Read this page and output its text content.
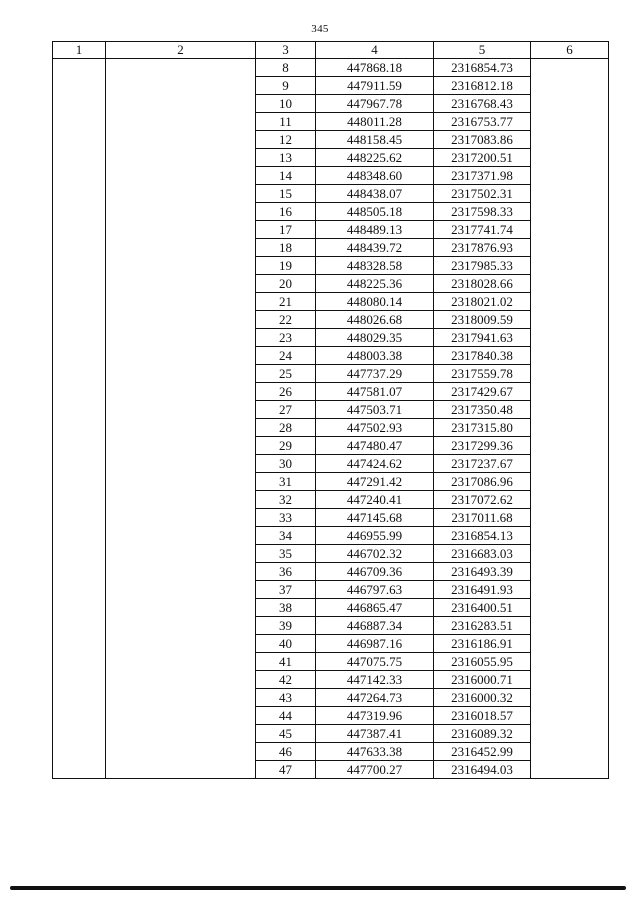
345
1	2	3	4	5	6
		8	447868.18	2316854.73	
		9	447911.59	2316812.18	
		10	447967.78	2316768.43	
		11	448011.28	2316753.77	
		12	448158.45	2317083.86	
		13	448225.62	2317200.51	
		14	448348.60	2317371.98	
		15	448438.07	2317502.31	
		16	448505.18	2317598.33	
		17	448489.13	2317741.74	
		18	448439.72	2317876.93	
		19	448328.58	2317985.33	
		20	448225.36	2318028.66	
		21	448080.14	2318021.02	
		22	448026.68	2318009.59	
		23	448029.35	2317941.63	
		24	448003.38	2317840.38	
		25	447737.29	2317559.78	
		26	447581.07	2317429.67	
		27	447503.71	2317350.48	
		28	447502.93	2317315.80	
		29	447480.47	2317299.36	
		30	447424.62	2317237.67	
		31	447291.42	2317086.96	
		32	447240.41	2317072.62	
		33	447145.68	2317011.68	
		34	446955.99	2316854.13	
		35	446702.32	2316683.03	
		36	446709.36	2316493.39	
		37	446797.63	2316491.93	
		38	446865.47	2316400.51	
		39	446887.34	2316283.51	
		40	446987.16	2316186.91	
		41	447075.75	2316055.95	
		42	447142.33	2316000.71	
		43	447264.73	2316000.32	
		44	447319.96	2316018.57	
		45	447387.41	2316089.32	
		46	447633.38	2316452.99	
		47	447700.27	2316494.03	
